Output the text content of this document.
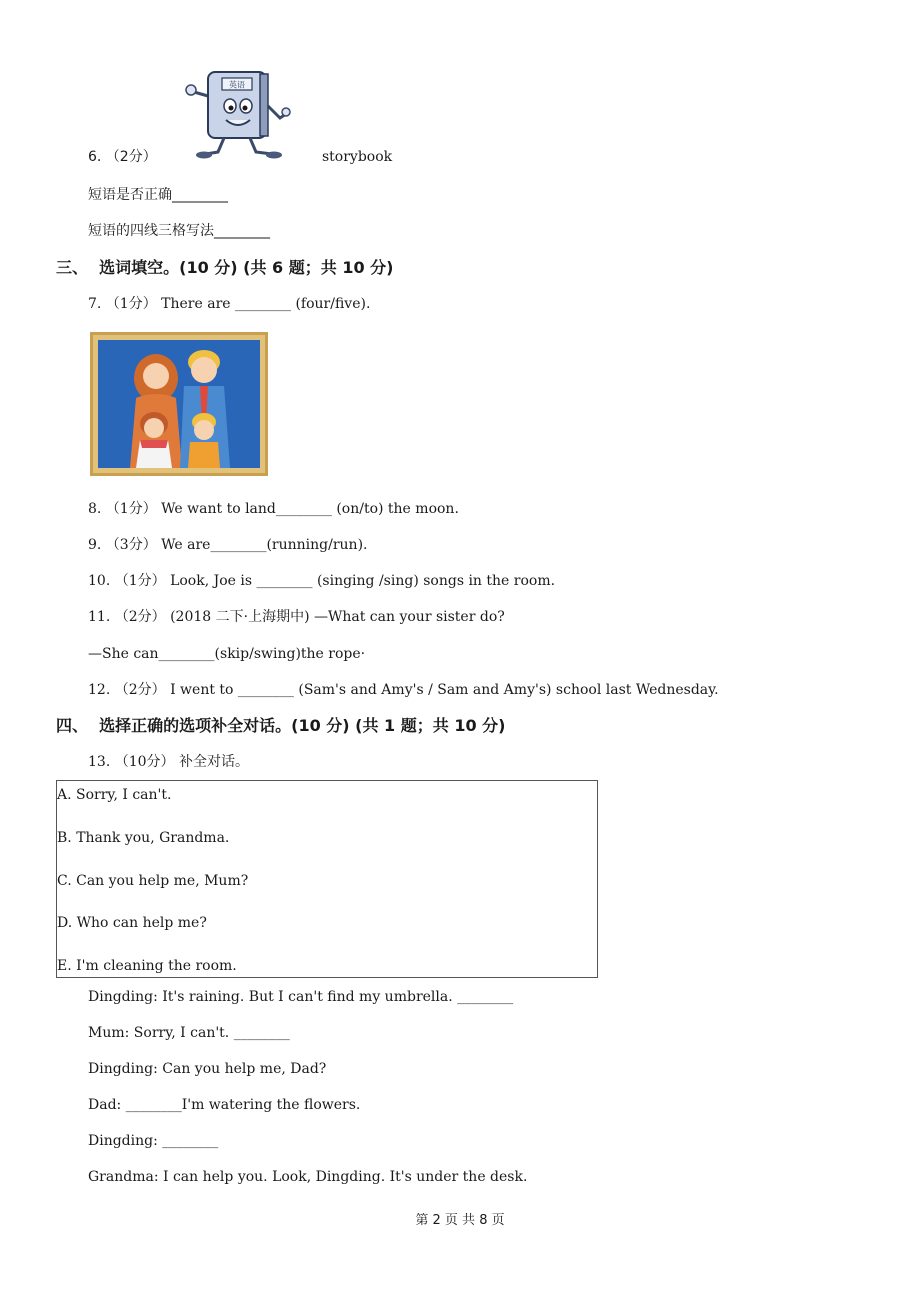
英语
6. （2分）	storybook
短语是否正确________
短语的四线三格写法________
三、  选词填空。(10 分) (共 6 题；共 10 分)
7. （1分） There are ________ (four/five).
8. （1分） We want to land________ (on/to) the moon.
9. （3分） We are________(running/run).
10. （1分） Look, Joe is ________ (singing /sing) songs in the room.
11. （2分） (2018 二下·上海期中) —What can your sister do?
—She can________(skip/swing)the rope·
12. （2分） I went to ________ (Sam's and Amy's / Sam and Amy's) school last Wednesday.
四、  选择正确的选项补全对话。(10 分) (共 1 题；共 10 分)
13. （10分） 补全对话。
A. Sorry, I can't.
B. Thank you, Grandma.
C. Can you help me, Mum?
D. Who can help me?
E. I'm cleaning the room.
Dingding: It's raining. But I can't find my umbrella. ________
Mum: Sorry, I can't. ________
Dingding: Can you help me, Dad?
Dad: ________I'm watering the flowers.
Dingding: ________
Grandma: I can help you. Look, Dingding. It's under the desk.
第 2 页 共 8 页
